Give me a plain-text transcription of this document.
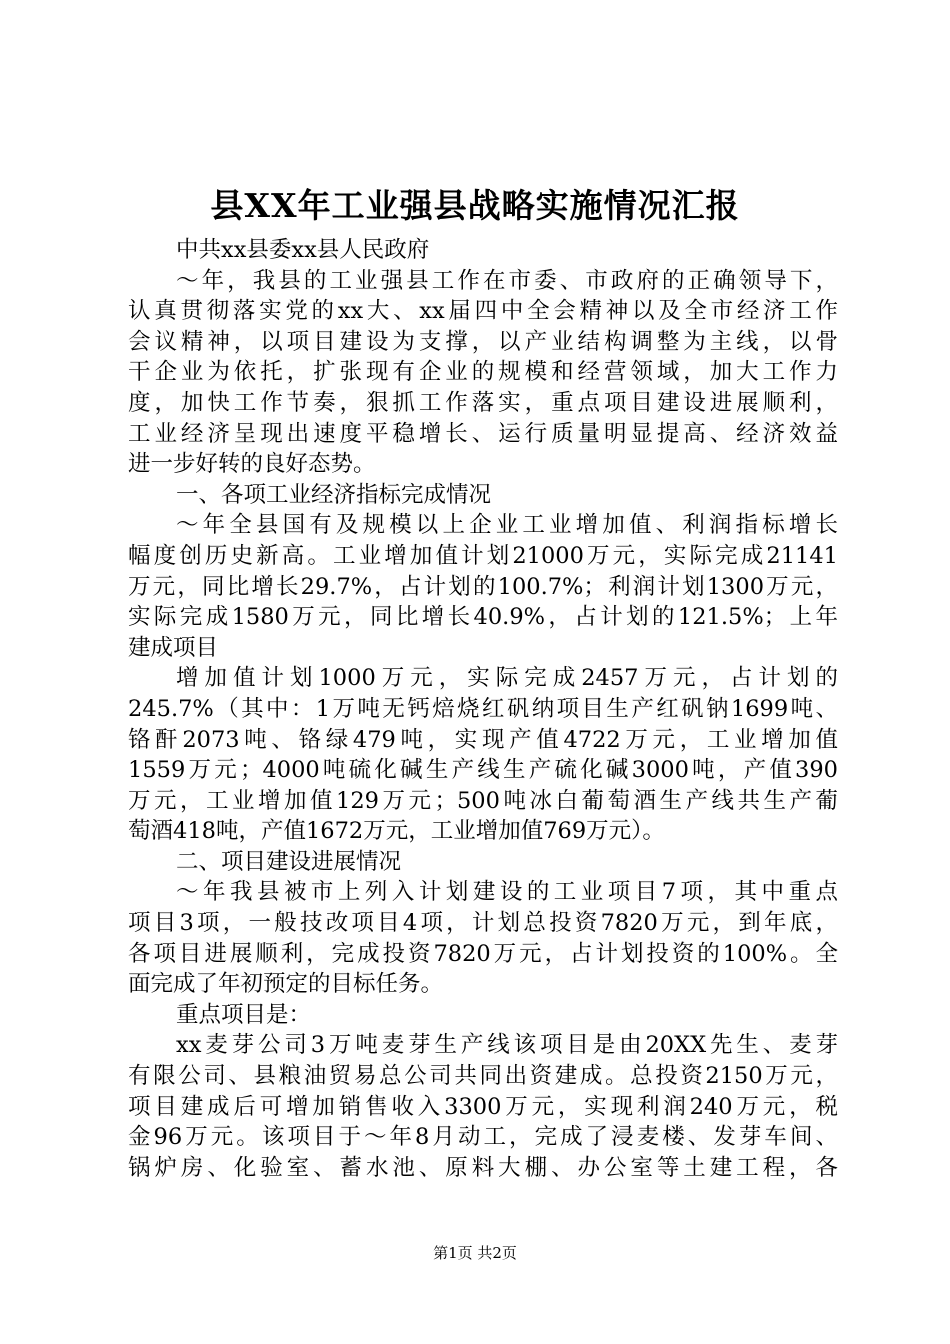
县XX年工业强县战略实施情况汇报
中共xx县委xx县人民政府
～年，我县的工业强县工作在市委、市政府的正确领导下，
认真贯彻落实党的xx大、xx届四中全会精神以及全市经济工作
会议精神，以项目建设为支撑，以产业结构调整为主线，以骨
干企业为依托，扩张现有企业的规模和经营领域，加大工作力
度，加快工作节奏，狠抓工作落实，重点项目建设进展顺利，
工业经济呈现出速度平稳增长、运行质量明显提高、经济效益
进一步好转的良好态势。
一、各项工业经济指标完成情况
～年全县国有及规模以上企业工业增加值、利润指标增长
幅度创历史新高。工业增加值计划21000万元，实际完成21141
万元，同比增长29.7%，占计划的100.7%；利润计划1300万元，
实际完成1580万元，同比增长40.9%，占计划的121.5%；上年
建成项目
增加值计划1000万元，实际完成2457万元，占计划的
245.7%（其中：1万吨无钙焙烧红矾纳项目生产红矾钠1699吨、
铬酐2073吨、铬绿479吨，实现产值4722万元，工业增加值
1559万元；4000吨硫化碱生产线生产硫化碱3000吨，产值390
万元，工业增加值129万元；500吨冰白葡萄酒生产线共生产葡
萄酒418吨，产值1672万元，工业增加值769万元）。
二、项目建设进展情况
～年我县被市上列入计划建设的工业项目7项，其中重点
项目3项，一般技改项目4项，计划总投资7820万元，到年底，
各项目进展顺利，完成投资7820万元，占计划投资的100%。全
面完成了年初预定的目标任务。
重点项目是：
xx麦芽公司3万吨麦芽生产线该项目是由20XX先生、麦芽
有限公司、县粮油贸易总公司共同出资建成。总投资2150万元，
项目建成后可增加销售收入3300万元，实现利润240万元，税
金96万元。该项目于～年8月动工，完成了浸麦楼、发芽车间、
锅炉房、化验室、蓄水池、原料大棚、办公室等土建工程，各
第1页 共2页
